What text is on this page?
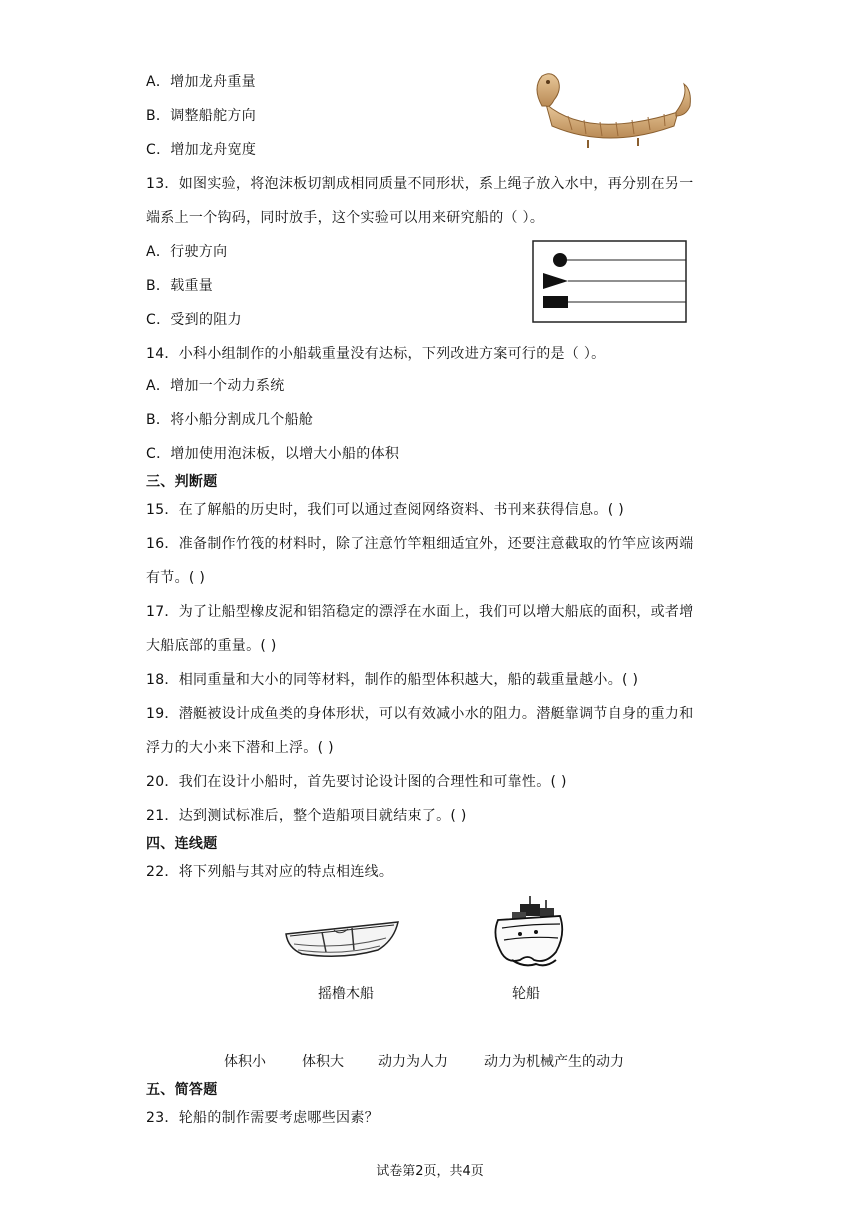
A．增加龙舟重量
B．调整船舵方向
C．增加龙舟宽度
13．如图实验，将泡沫板切割成相同质量不同形状，系上绳子放入水中，再分别在另一
端系上一个钩码，同时放手，这个实验可以用来研究船的（ ）。
A．行驶方向
B．载重量
C．受到的阻力
14．小科小组制作的小船载重量没有达标，下列改进方案可行的是（ ）。
A．增加一个动力系统
B．将小船分割成几个船舱
C．增加使用泡沫板，以增大小船的体积
三、判断题
15．在了解船的历史时，我们可以通过查阅网络资料、书刊来获得信息。( )
16．准备制作竹筏的材料时，除了注意竹竿粗细适宜外，还要注意截取的竹竿应该两端
有节。( )
17．为了让船型橡皮泥和铝箔稳定的漂浮在水面上，我们可以增大船底的面积，或者增
大船底部的重量。( )
18．相同重量和大小的同等材料，制作的船型体积越大，船的载重量越小。( )
19．潜艇被设计成鱼类的身体形状，可以有效减小水的阻力。潜艇靠调节自身的重力和
浮力的大小来下潜和上浮。( )
20．我们在设计小船时，首先要讨论设计图的合理性和可靠性。( )
21．达到测试标准后，整个造船项目就结束了。( )
四、连线题
22．将下列船与其对应的特点相连线。
摇橹木船	轮船
体积小	体积大 动力为人力	动力为机械产生的动力
五、简答题
23．轮船的制作需要考虑哪些因素？
试卷第2页，共4页
